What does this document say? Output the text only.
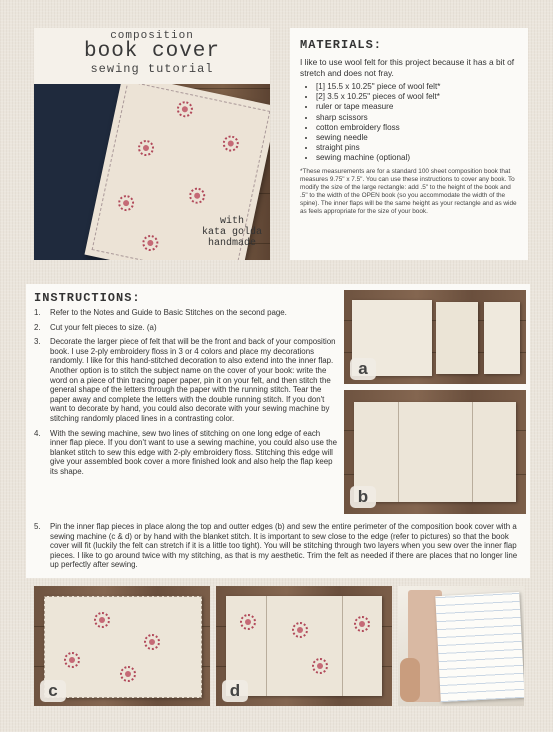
composition
book cover
sewing tutorial
with
kata golda
handmade
MATERIALS:
I like to use wool felt for this project because it has a bit of stretch and does not fray.
• [1] 15.5 x 10.25" piece of wool felt*
• [2] 3.5 x 10.25" pieces of wool felt*
• ruler or tape measure
• sharp scissors
• cotton embroidery floss
• sewing needle
• straight pins
• sewing machine (optional)
*These measurements are for a standard 100 sheet composition book that measures 9.75" x 7.5". You can use these instructions to cover any book. To modify the size of the large rectangle: add .5" to the height of the book and .5" to the width of the OPEN book (so you accommodate the width of the spine). The inner flaps will be the same height as your rectangle and as wide as feels appropriate for the size of your book.
INSTRUCTIONS:
1. Refer to the Notes and Guide to Basic Stitches on the second page.
2. Cut your felt pieces to size. (a)
3. Decorate the larger piece of felt that will be the front and back of your composition book. I use 2-ply embroidery floss in 3 or 4 colors and place my decorations randomly. I like for this hand-stitched decoration to also extend into the inner flap. Another option is to stitch the subject name on the cover of your book: write the word on a piece of thin tracing paper paper, pin it on your felt, and then stitch the general shape of the letters through the paper with the running stitch. Tear the paper away and complete the letters with the double running stitch. If you don't want to decorate by hand, you could also decorate with your sewing machine by stitching randomly placed lines in a contrasting color.
4. With the sewing machine, sew two lines of stitching on one long edge of each inner flap piece. If you don't want to use a sewing machine, you could also use the blanket stitch to sew this edge with 2-ply embroidery floss. Stitching this edge will give your assembled book cover a more finished look and also help the flap keep its shape.
5. Pin the inner flap pieces in place along the top and outter edges (b) and sew the entire perimeter of the composition book cover with a sewing machine (c & d) or by hand with the blanket stitch. It is important to sew close to the edge (refer to pictures) so that the book cover will fit (luckily the felt can stretch if it is a little too tight). You will be stitching through two layers when you sew over the inner flap pieces. I like to go around twice with my stitching, as that is my aesthetic. Trim the felt as needed if there are places that no longer line up perfectly after sewing.
a
b
c	d
